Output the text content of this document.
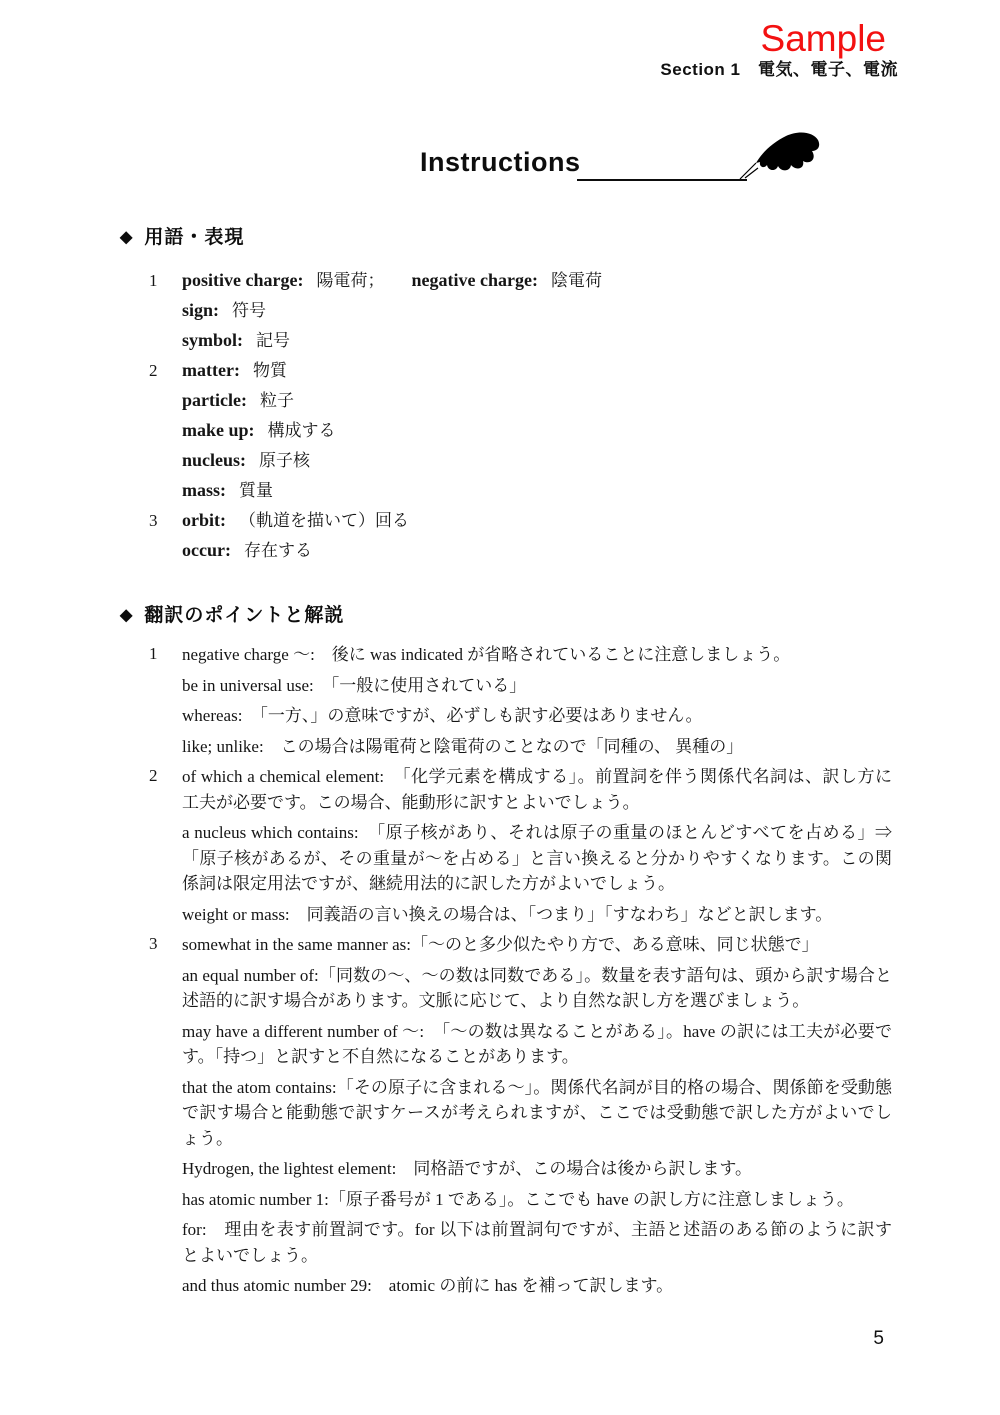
Sample
Section 1　電気、電子、電流
Instructions
◆ 用語・表現
1	positive charge: 陽電荷； negative charge: 陰電荷
sign: 符号
symbol: 記号
2	matter: 物質
particle: 粒子
make up: 構成する
nucleus: 原子核
mass: 質量
3	orbit: （軌道を描いて）回る
occur: 存在する
◆ 翻訳のポイントと解説
1 negative charge ～:　後に was indicated が省略されていることに注意しましょう。

be in universal use:　「一般に使用されている」

whereas:　「一方、」の意味ですが、必ずしも訳す必要はありません。

like; unlike:　この場合は陽電荷と陰電荷のことなので「同種の、 異種の」

2 of which a chemical element:　「化学元素を構成する」。前置詞を伴う関係代名詞は、訳し方に工夫が必要です。この場合、能動形に訳すとよいでしょう。

a nucleus which contains:　「原子核があり、それは原子の重量のほとんどすべてを占める」⇒「原子核があるが、その重量が～を占める」と言い換えると分かりやすくなります。この関係詞は限定用法ですが、継続用法的に訳した方がよいでしょう。

weight or mass:　同義語の言い換えの場合は、「つまり」「すなわち」などと訳します。

3 somewhat in the same manner as:「～のと多少似たやり方で、ある意味、同じ状態で」

an equal number of:「同数の～、～の数は同数である」。数量を表す語句は、頭から訳す場合と述語的に訳す場合があります。文脈に応じて、より自然な訳し方を選びましょう。

may have a different number of ～:　「～の数は異なることがある」。have の訳には工夫が必要です。「持つ」と訳すと不自然になることがあります。

that the atom contains:「その原子に含まれる～」。関係代名詞が目的格の場合、関係節を受動態で訳す場合と能動態で訳すケースが考えられますが、ここでは受動態で訳した方がよいでしょう。

Hydrogen, the lightest element:　同格語ですが、この場合は後から訳します。

has atomic number 1:「原子番号が 1 である」。ここでも have の訳し方に注意しましょう。

for:　理由を表す前置詞です。for 以下は前置詞句ですが、主語と述語のある節のように訳すとよいでしょう。

and thus atomic number 29:　atomic の前に has を補って訳します。

5
